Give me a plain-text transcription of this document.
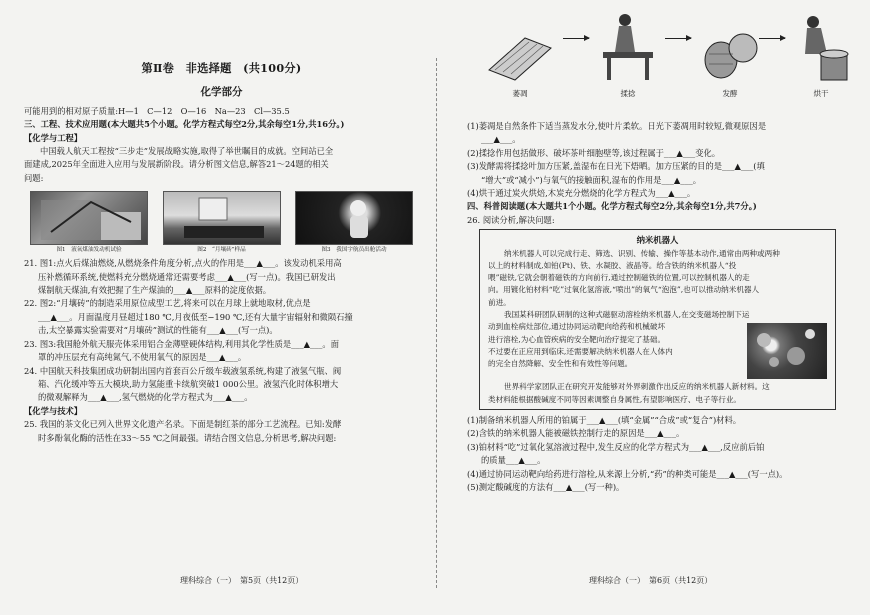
第Ⅱ卷　非选择题　(共100分)
化学部分
可能用到的相对原子质量:H—1　C—12　O—16　Na—23　Cl—35.5
三、工程、技术应用题(本大题共5个小题。化学方程式每空2分,其余每空1分,共16分。)
【化学与工程】
中国载人航天工程按“三步走”发展战略实施,取得了举世瞩目的成就。空间站已全
面建成,2025年全面进入应用与发展新阶段。请分析图文信息,解答21～24题的相关
问题:
图1　液氧煤油发动机试验	图2　“月壤砖”样品	图3　我国宇航员出舱活动
21. 图1:点火后煤油燃烧,从燃烧条件角度分析,点火的作用是___▲___。该发动机采用高
压补燃循环系统,使燃料充分燃烧通常还需要考虑___▲___(写一点)。我国已研发出
煤制航天煤油,有效把握了生产煤油的___▲___原料的淀度依据。
22. 图2:“月壤砖”的制造采用原位成型工艺,将来可以在月球上就地取材,优点是
___▲___。月面温度月昼超过180 ℃,月夜低至−190 ℃,还有大量宇宙辐射和微陨石撞
击,太空暴露实验需要对“月壤砖”测试的性能有___▲___(写一点)。
23. 图3:我国舱外航天服壳体采用铝合金薄壁硬体结构,利用其化学性质是___▲___。面
罩的冲压层充有高纯氮气,不使用氧气的原因是___▲___。
24. 中国航天科技集团成功研制出国内首套百公斤级车载液氢系统,构建了液氢气瓶、阀
箱、汽化缓冲等五大模块,助力氢能重卡续航突破1 000公里。液氢汽化时体积增大
的微观解释为___▲___,氢气燃烧的化学方程式为___▲___。
【化学与技术】
25. 我国的茶文化已列入世界文化遗产名录。下面是制红茶的部分工艺流程。已知:发酵
时多酚氧化酶的活性在33～55 ℃之间最强。请结合图文信息,分析思考,解决问题:
理科综合（一）　第5页（共12页）
萎凋	揉捻	发酵	烘干
(1)萎凋是自然条件下适当蒸发水分,使叶片柔软。日光下萎凋用时较短,微观原因是
___▲___。
(2)揉捻作用包括做形、破坏茶叶细胞壁等,该过程属于___▲___变化。
(3)发酵需将揉捻叶加方压紧,盖湿布在日光下焐晒。加方压紧的目的是___▲___(填
“增大”或“减小”)与氧气的接触面积,湿布的作用是___▲___。
(4)烘干通过炭火烘焙,木炭充分燃烧的化学方程式为___▲___。
四、科普阅读题(本大题共1个小题。化学方程式每空2分,其余每空1分,共7分。)
26. 阅读分析,解决问题:
纳米机器人
纳米机器人可以完成行走、筛选、识别、传输、操作等基本动作,通常由两种或两种
以上的材料制成,如铂(Pt)、铁、水凝胶、液晶等。给含铁的纳米机器人“投
喂”磁铁,它就会朝着磁铁的方向前行,通过控制磁铁的位置,可以控制机器人的走
向。用镀化铂材料“吃”过氧化氢溶液,“喷出”的氧气“泡泡”,也可以推动纳米机器人
前进。
我国某科研团队研制的这种式磁驱动溶栓纳米机器人,在交变磁场控制下运
动到血栓病灶部位,通过协同运动靶向给药和机械破坏
进行溶栓,为心血管疾病的安全靶向治疗提定了基础。
不过要在正应用到临床,还需要解决纳米机器人在人体内
的完全自然降解、安全性和有效性等问题。
世界科学家团队正在研究开发能够对外界刺激作出反应的纳米机器人新材料。这
类材料能根据酸碱度不同等因素调整自身属性,有望影响医疗、电子等行业。
(1)制备纳米机器人所用的铂属于___▲___(填“金属”“合成”或“复合”)材料。
(2)含铁的纳米机器人能被磁铁控制行走的原因是___▲___。
(3)铂材料“吃”过氧化氢溶液过程中,发生反应的化学方程式为___▲___,反应前后铂
的质量___▲___。
(4)通过协同运动靶向给药进行溶栓,从来源上分析,“药”的种类可能是___▲___(写一点)。
(5)测定酸碱度的方法有___▲___(写一种)。
理科综合（一）　第6页（共12页）
